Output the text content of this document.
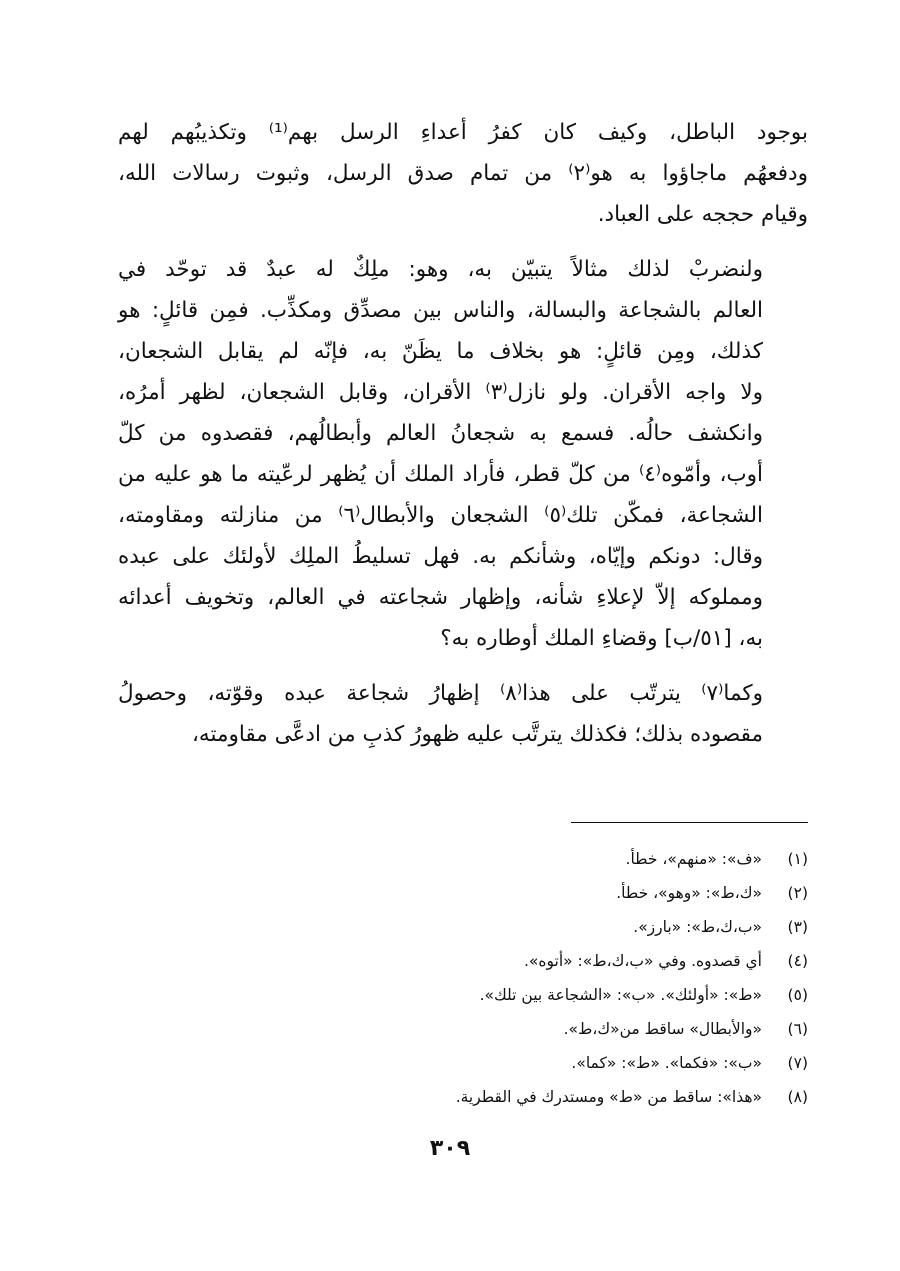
بوجود الباطل، وكيف كان كفرُ أعداءِ الرسل بهم⁽¹⁾ وتكذيبُهم لهم
ودفعهُم ماجاؤوا به هو⁽٢⁾ من تمام صدق الرسل، وثبوت رسالات الله،
وقيام حججه على العباد.
ولنضربْ لذلك مثالاً يتبيّن به، وهو: ملِكٌ له عبدٌ قد توحّد في
العالم بالشجاعة والبسالة، والناس بين مصدِّق ومكذِّب. فمِن قائلٍ: هو
كذلك، ومِن قائلٍ: هو بخلاف ما يظَنّ به، فإنّه لم يقابل الشجعان،
ولا واجه الأقران. ولو نازل⁽٣⁾ الأقران، وقابل الشجعان، لظهر أمرُه،
وانكشف حالُه. فسمع به شجعانُ العالم وأبطالُهم، فقصدوه من كلّ
أوب، وأمّوه⁽٤⁾ من كلّ قطر، فأراد الملك أن يُظهر لرعّيته ما هو عليه من
الشجاعة، فمكّن تلك⁽٥⁾ الشجعان والأبطال⁽٦⁾ من منازلته ومقاومته،
وقال: دونكم وإيّاه، وشأنكم به. فهل تسليطُ الملِك لأولئك على عبده
ومملوكه إلاّ لإعلاءِ شأنه، وإظهار شجاعته في العالم، وتخويف أعدائه
به، [٥١/ب] وقضاءِ الملك أوطاره به؟
وكما⁽٧⁾ يترتّب على هذا⁽٨⁾ إظهارُ شجاعة عبده وقوّته، وحصولُ
مقصوده بذلك؛ فكذلك يترتَّب عليه ظهورُ كذبِ من ادعَّى مقاومته،
(١)
«ف»: «منهم»، خطأ.
(٢)
«ك،ط»: «وهو»، خطأ.
(٣)
«ب،ك،ط»: «بارز».
(٤)
أي قصدوه. وفي «ب،ك،ط»: «أتوه».
(٥)
«ط»: «أولئك». «ب»: «الشجاعة بين تلك».
(٦)
«والأبطال» ساقط من«ك،ط».
(٧)
«ب»: «فكما». «ط»: «كما».
(٨)
«هذا»: ساقط من «ط» ومستدرك في القطرية.
٣٠٩
